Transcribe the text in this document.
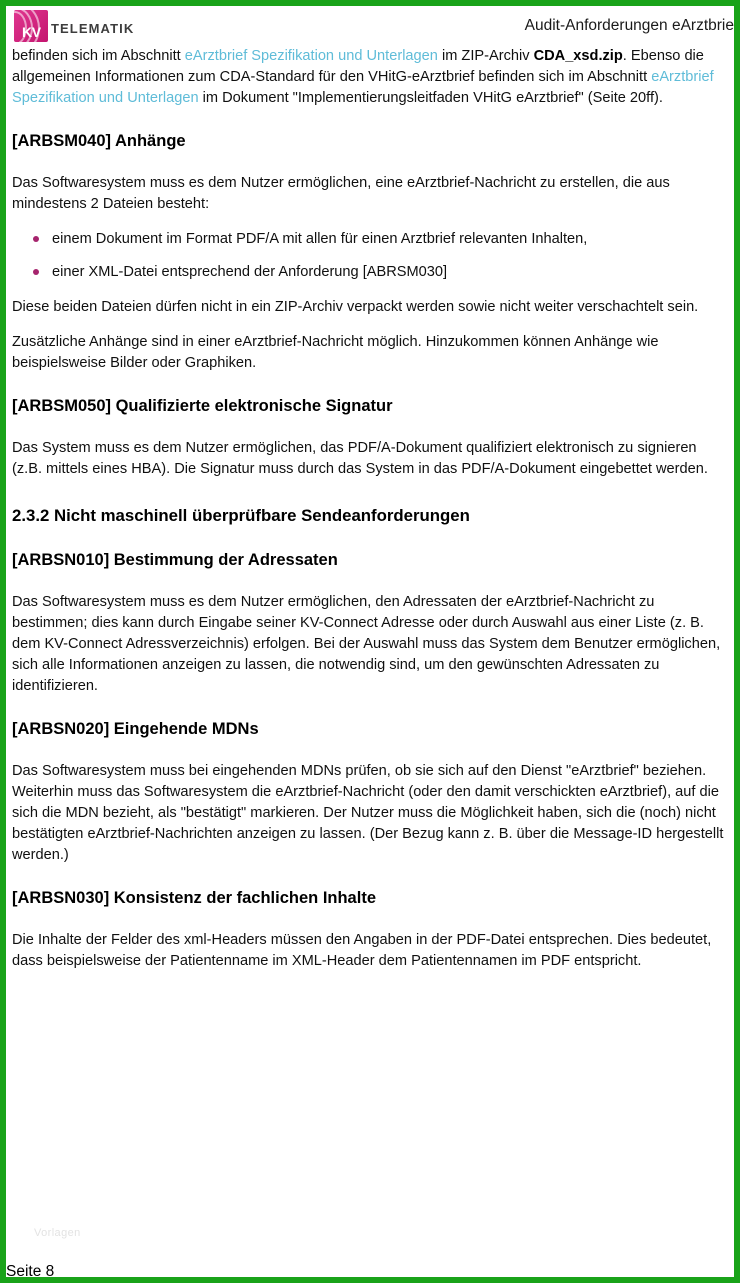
KV TELEMATIK	Audit-Anforderungen eArztbrie

befinden sich im Abschnitt eArztbrief Spezifikation und Unterlagen im ZIP-Archiv CDA_xsd.zip. Ebenso die allgemeinen Informationen zum CDA-Standard für den VHitG-eArztbrief befinden sich im Abschnitt eArztbrief Spezifikation und Unterlagen im Dokument "Implementierungsleitfaden VHitG eArztbrief" (Seite 20ff).

[ARBSM040] Anhänge

Das Softwaresystem muss es dem Nutzer ermöglichen, eine eArztbrief-Nachricht zu erstellen, die aus mindestens 2 Dateien besteht:

einem Dokument im Format PDF/A mit allen für einen Arztbrief relevanten Inhalten,
einer XML-Datei entsprechend der Anforderung [ABRSM030]

Diese beiden Dateien dürfen nicht in ein ZIP-Archiv verpackt werden sowie nicht weiter verschachtelt sein.

Zusätzliche Anhänge sind in einer eArztbrief-Nachricht möglich. Hinzukommen können Anhänge wie beispielsweise Bilder oder Graphiken.

[ARBSM050] Qualifizierte elektronische Signatur

Das System muss es dem Nutzer ermöglichen, das PDF/A-Dokument qualifiziert elektronisch zu signieren (z.B. mittels eines HBA). Die Signatur muss durch das System in das PDF/A-Dokument eingebettet werden.

2.3.2 Nicht maschinell überprüfbare Sendeanforderungen
[ARBSN010] Bestimmung der Adressaten

Das Softwaresystem muss es dem Nutzer ermöglichen, den Adressaten der eArztbrief-Nachricht zu bestimmen; dies kann durch Eingabe seiner KV-Connect Adresse oder durch Auswahl aus einer Liste (z. B. dem KV-Connect Adressverzeichnis) erfolgen. Bei der Auswahl muss das System dem Benutzer ermöglichen, sich alle Informationen anzeigen zu lassen, die notwendig sind, um den gewünschten Adressaten zu identifizieren.

[ARBSN020] Eingehende MDNs

Das Softwaresystem muss bei eingehenden MDNs prüfen, ob sie sich auf den Dienst "eArztbrief" beziehen. Weiterhin muss das Softwaresystem die eArztbrief-Nachricht (oder den damit verschickten eArztbrief), auf die sich die MDN bezieht, als "bestätigt" markieren. Der Nutzer muss die Möglichkeit haben, sich die (noch) nicht bestätigten eArztbrief-Nachrichten anzeigen zu lassen. (Der Bezug kann z. B. über die Message-ID hergestellt werden.)

[ARBSN030] Konsistenz der fachlichen Inhalte

Die Inhalte der Felder des xml-Headers müssen den Angaben in der PDF-Datei entsprechen. Dies bedeutet, dass beispielsweise der Patientenname im XML-Header dem Patientennamen im PDF entspricht.

Vorlagen
Seite 8
